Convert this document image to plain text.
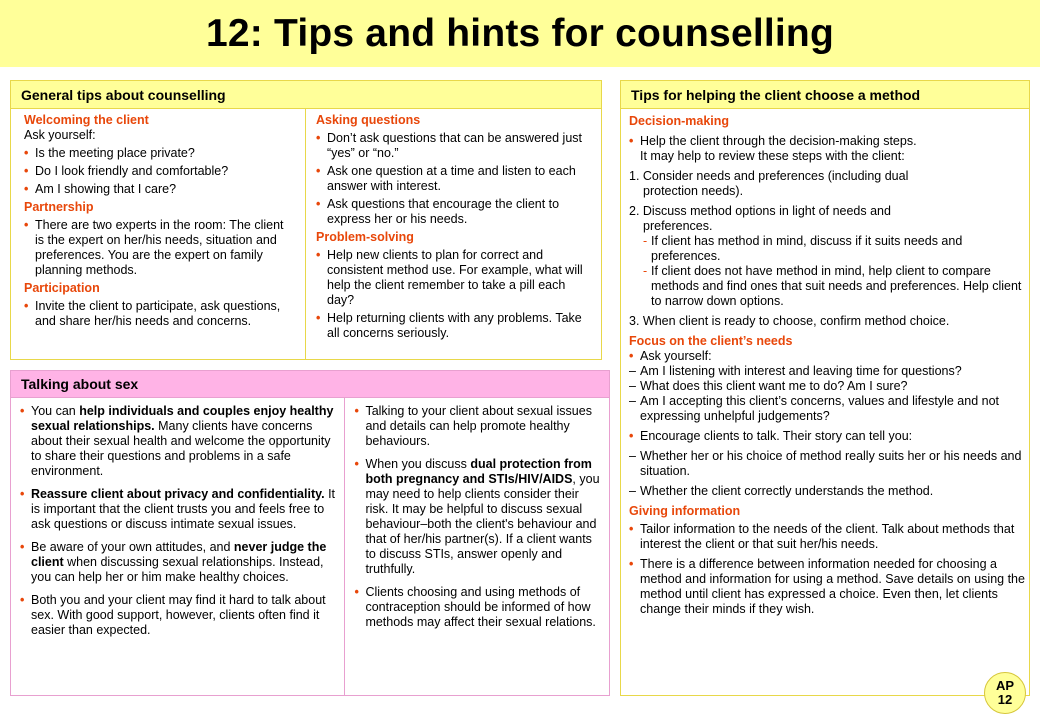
12: Tips and hints for counselling
General tips about counselling
Welcoming the client
Ask yourself:
• Is the meeting place private?
• Do I look friendly and comfortable?
• Am I showing that I care?
Partnership
• There are two experts in the room: The client is the expert on her/his needs, situation and preferences. You are the expert on family planning methods.
Participation
• Invite the client to participate, ask questions, and share her/his needs and concerns.
Asking questions
• Don’t ask questions that can be answered just “yes” or “no.”
• Ask one question at a time and listen to each answer with interest.
• Ask questions that encourage the client to express her or his needs.
Problem-solving
• Help new clients to plan for correct and consistent method use. For example, what will help the client remember to take a pill each day?
• Help returning clients with any problems. Take all concerns seriously.
Talking about sex
• You can help individuals and couples enjoy healthy sexual relationships. Many clients have concerns about their sexual health and welcome the opportunity to share their questions and problems in a safe environment.
• Reassure client about privacy and confidentiality. It is important that the client trusts you and feels free to ask questions or discuss intimate sexual issues.
• Be aware of your own attitudes, and never judge the client when discussing sexual relationships. Instead, you can help her or him make healthy choices.
• Both you and your client may find it hard to talk about sex. With good support, however, clients often find it easier than expected.
• Talking to your client about sexual issues and details can help promote healthy behaviours.
• When you discuss dual protection from both pregnancy and STIs/HIV/AIDS, you may need to help clients consider their risk. It may be helpful to discuss sexual behaviour–both the client's behaviour and that of her/his partner(s). If a client wants to discuss STIs, answer openly and truthfully.
• Clients choosing and using methods of contraception should be informed of how methods may affect their sexual relations.
Tips for helping the client choose a method
Decision-making
• Help the client through the decision-making steps.
It may help to review these steps with the client:
1. Consider needs and preferences (including dual
protection needs).
2. Discuss method options in light of needs and
preferences.
- If client has method in mind, discuss if it suits needs and preferences.
- If client does not have method in mind, help client to compare methods and find ones that suit needs and preferences. Help client to narrow down options.
3. When client is ready to choose, confirm method choice.
Focus on the client’s needs
• Ask yourself:
– Am I listening with interest and leaving time for questions?
– What does this client want me to do? Am I sure?
– Am I accepting this client’s concerns, values and lifestyle and not expressing unhelpful judgements?
• Encourage clients to talk. Their story can tell you:
– Whether her or his choice of method really suits her or his needs and situation.
– Whether the client correctly understands the method.
Giving information
• Tailor information to the needs of the client. Talk about methods that interest the client or that suit her/his needs.
• There is a difference between information needed for choosing a method and information for using a method. Save details on using the method until client has expressed a choice. Even then, let clients change their minds if they wish.
AP
12
